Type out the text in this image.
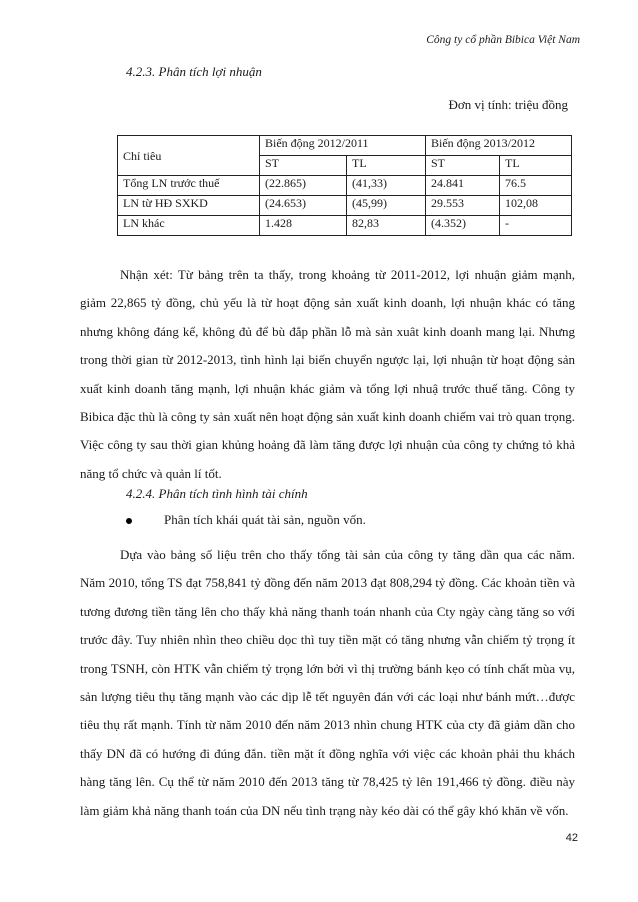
Công ty cổ phần Bibica Việt Nam
4.2.3. Phân tích lợi nhuận
Đơn vị tính: triệu đồng
Chỉ tiêu	Biến động 2012/2011		Biến động 2013/2012	
	ST	TL	ST	TL
Tổng LN trước thuế	(22.865)	(41,33)	24.841	76.5
LN từ HĐ SXKD	(24.653)	(45,99)	29.553	102,08
LN khác	1.428	82,83	(4.352)	-

Nhận xét: Từ bảng trên ta thấy, trong khoảng từ 2011-2012, lợi nhuận giảm mạnh, giảm 22,865 tỷ đồng, chủ yếu là từ hoạt động sản xuất kinh doanh, lợi nhuận khác có tăng nhưng không đáng kể, không đủ để bù đắp phần lỗ mà sản xuât kinh doanh mang lại. Nhưng trong thời gian từ 2012-2013, tình hình lại biến chuyển ngược lại, lợi nhuận từ hoạt động sản xuất kinh doanh tăng mạnh, lợi nhuận khác giảm và tổng lợi nhuậ trước thuế tăng. Công ty Bibica đặc thù là công ty sản xuất nên hoạt động sản xuất kinh doanh chiếm vai trò quan trọng. Việc công ty sau thời gian khủng hoảng đã làm tăng được lợi nhuận của công ty chứng tỏ khả năng tổ chức và quản lí tốt.

4.2.4. Phân tích tình hình tài chính
Phân tích khái quát tài sản, nguồn vốn.

Dựa vào bảng số liệu trên cho thấy tổng tài sản của công ty tăng dần qua các năm. Năm 2010, tổng TS đạt 758,841 tỷ đồng đến năm 2013 đạt 808,294 tỷ đồng. Các khoản tiền và tương đương tiền tăng lên cho thấy khả năng thanh toán nhanh của Cty ngày càng tăng so với trước đây. Tuy nhiên nhìn theo chiều dọc thì tuy tiền mặt có tăng nhưng vẫn chiếm tỷ trọng ít trong TSNH, còn HTK vẫn chiếm tỷ trọng lớn bởi vì thị trường bánh kẹo có tính chất mùa vụ, sản lượng tiêu thụ tăng mạnh vào các dịp lễ tết nguyên đán với các loại như bánh mứt…được tiêu thụ rất mạnh. Tính từ năm 2010 đến năm 2013 nhìn chung HTK của cty đã giảm dần cho thấy DN đã có hướng đi đúng đắn. tiền mặt ít đồng nghĩa với việc các khoản phải thu khách hàng tăng lên. Cụ thể từ năm 2010 đến 2013 tăng từ 78,425 tỷ lên 191,466 tỷ đồng. điều này làm giảm khả năng thanh toán của DN nếu tình trạng này kéo dài có thể gây khó khăn về vốn.

42
